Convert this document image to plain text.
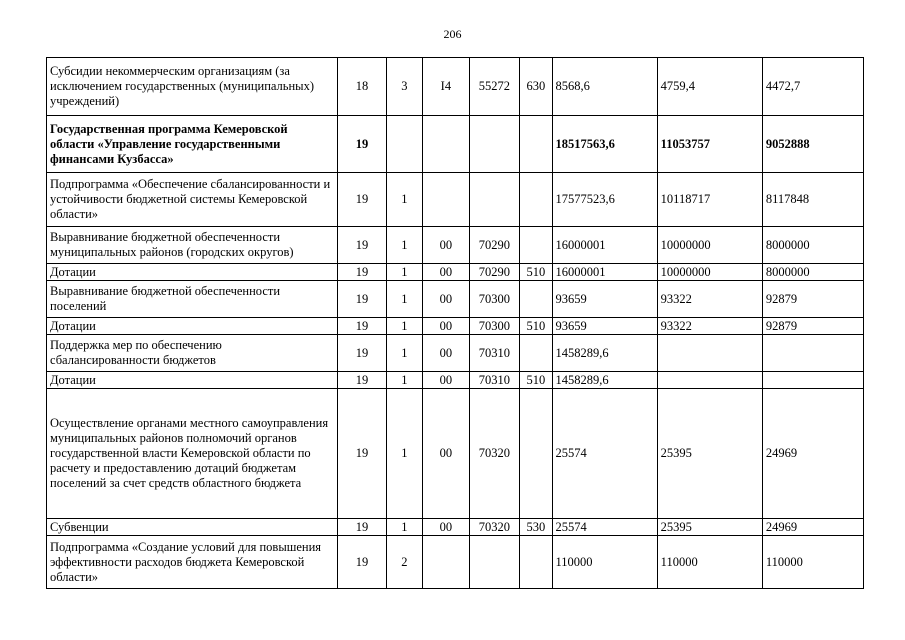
206
Субсидии некоммерческим организациям (за исключением государственных (муниципальных) учреждений)	18	3	I4	55272	630	8568,6	4759,4	4472,7
Государственная программа Кемеровской области «Управление государственными финансами Кузбасса»	19					18517563,6	11053757	9052888
Подпрограмма «Обеспечение сбалансированности и устойчивости бюджетной системы Кемеровской области»	19	1				17577523,6	10118717	8117848
Выравнивание бюджетной обеспеченности муниципальных районов (городских округов)	19	1	00	70290		16000001	10000000	8000000
Дотации	19	1	00	70290	510	16000001	10000000	8000000
Выравнивание бюджетной обеспеченности поселений	19	1	00	70300		93659	93322	92879
Дотации	19	1	00	70300	510	93659	93322	92879
Поддержка мер по обеспечению сбалансированности бюджетов	19	1	00	70310		1458289,6		
Дотации	19	1	00	70310	510	1458289,6		
Осуществление органами местного самоуправления муниципальных районов полномочий органов государственной власти Кемеровской области по расчету и предоставлению дотаций бюджетам поселений за счет средств областного бюджета	19	1	00	70320		25574	25395	24969
Субвенции	19	1	00	70320	530	25574	25395	24969
Подпрограмма «Создание условий для повышения эффективности расходов бюджета Кемеровской области»	19	2				110000	110000	110000
